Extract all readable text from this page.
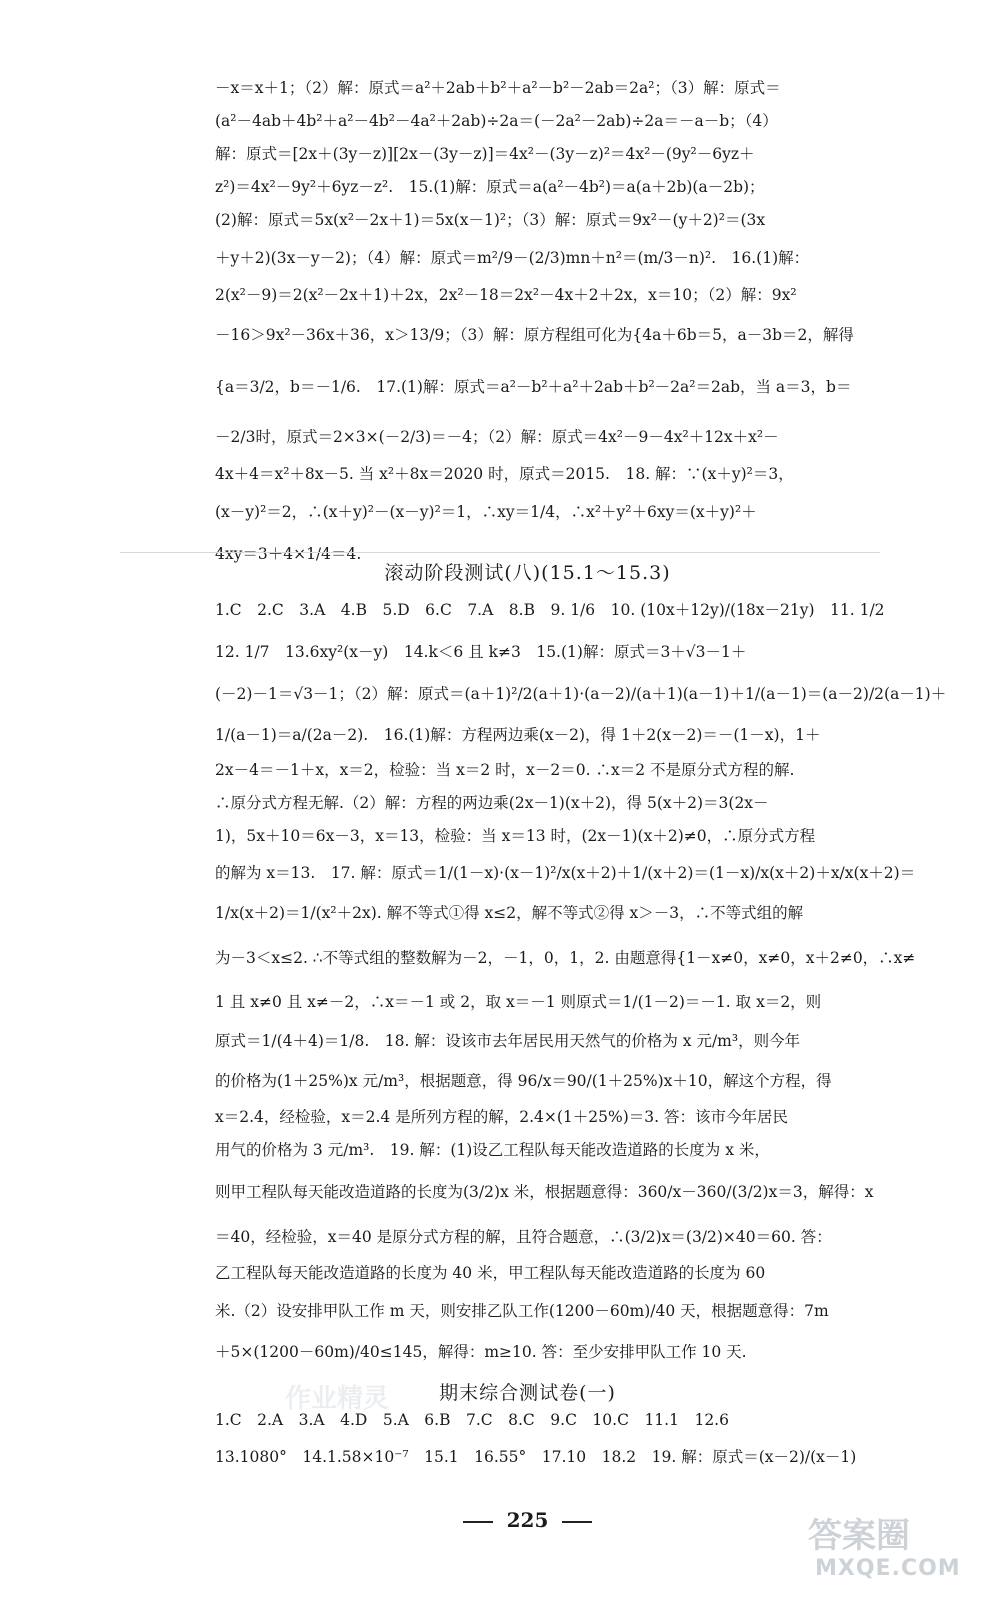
－x＝x＋1；（2）解：原式＝a²＋2ab＋b²＋a²－b²－2ab＝2a²；（3）解：原式＝
(a²－4ab＋4b²＋a²－4b²－4a²＋2ab)÷2a＝(－2a²－2ab)÷2a＝－a－b；（4）
解：原式＝[2x＋(3y－z)][2x－(3y－z)]＝4x²－(3y－z)²＝4x²－(9y²－6yz＋
z²)＝4x²－9y²＋6yz－z².　15.(1)解：原式＝a(a²－4b²)＝a(a＋2b)(a－2b)；
(2)解：原式＝5x(x²－2x＋1)＝5x(x－1)²；（3）解：原式＝9x²－(y＋2)²＝(3x
＋y＋2)(3x－y－2)；（4）解：原式＝m²/9－(2/3)mn＋n²＝(m/3－n)².　16.(1)解：
2(x²－9)＝2(x²－2x＋1)＋2x，2x²－18＝2x²－4x＋2＋2x，x＝10；（2）解：9x²
－16＞9x²－36x＋36，x＞13/9；（3）解：原方程组可化为{4a＋6b＝5，a－3b＝2，解得
{a＝3/2，b＝－1/6.　17.(1)解：原式＝a²－b²＋a²＋2ab＋b²－2a²＝2ab，当 a＝3，b＝
－2/3时，原式＝2×3×(－2/3)＝－4；（2）解：原式＝4x²－9－4x²＋12x＋x²－
4x＋4＝x²＋8x－5. 当 x²＋8x＝2020 时，原式＝2015.　18. 解：∵(x＋y)²＝3，
(x－y)²＝2，∴(x＋y)²－(x－y)²＝1，∴xy＝1/4，∴x²＋y²＋6xy＝(x＋y)²＋
4xy＝3＋4×1/4＝4.
滚动阶段测试(八)(15.1～15.3)
1.C　2.C　3.A　4.B　5.D　6.C　7.A　8.B　9. 1/6　10. (10x＋12y)/(18x－21y)　11. 1/2
12. 1/7　13.6xy²(x－y)　14.k＜6 且 k≠3　15.(1)解：原式＝3＋√3－1＋
(－2)－1＝√3－1；（2）解：原式＝(a＋1)²/2(a＋1)·(a－2)/(a＋1)(a－1)＋1/(a－1)＝(a－2)/2(a－1)＋
1/(a－1)＝a/(2a－2).　16.(1)解：方程两边乘(x－2)，得 1＋2(x－2)＝－(1－x)，1＋
2x－4＝－1＋x，x＝2，检验：当 x＝2 时，x－2＝0. ∴x＝2 不是原分式方程的解.
∴原分式方程无解.（2）解：方程的两边乘(2x－1)(x＋2)，得 5(x＋2)＝3(2x－
1)，5x＋10＝6x－3，x＝13，检验：当 x＝13 时，(2x－1)(x＋2)≠0，∴原分式方程
的解为 x＝13.　17. 解：原式＝1/(1－x)·(x－1)²/x(x＋2)＋1/(x＋2)＝(1－x)/x(x＋2)＋x/x(x＋2)＝
1/x(x＋2)＝1/(x²＋2x). 解不等式①得 x≤2，解不等式②得 x＞－3，∴不等式组的解
为－3＜x≤2. ∴不等式组的整数解为－2，－1，0，1，2. 由题意得{1－x≠0，x≠0，x＋2≠0，∴x≠
1 且 x≠0 且 x≠－2，∴x＝－1 或 2，取 x＝－1 则原式＝1/(1－2)＝－1. 取 x＝2，则
原式＝1/(4＋4)＝1/8.　18. 解：设该市去年居民用天然气的价格为 x 元/m³，则今年
的价格为(1＋25%)x 元/m³，根据题意，得 96/x＝90/(1＋25%)x＋10，解这个方程，得
x＝2.4，经检验，x＝2.4 是所列方程的解，2.4×(1＋25%)＝3. 答：该市今年居民
用气的价格为 3 元/m³.　19. 解：(1)设乙工程队每天能改造道路的长度为 x 米，
则甲工程队每天能改造道路的长度为(3/2)x 米，根据题意得：360/x－360/(3/2)x＝3，解得：x
＝40，经检验，x＝40 是原分式方程的解，且符合题意，∴(3/2)x＝(3/2)×40＝60. 答：
乙工程队每天能改造道路的长度为 40 米，甲工程队每天能改造道路的长度为 60
米.（2）设安排甲队工作 m 天，则安排乙队工作(1200－60m)/40 天，根据题意得：7m
＋5×(1200－60m)/40≤145，解得：m≥10. 答：至少安排甲队工作 10 天.
期末综合测试卷(一)
1.C　2.A　3.A　4.D　5.A　6.B　7.C　8.C　9.C　10.C　11.1　12.6
13.1080°　14.1.58×10⁻⁷　15.1　16.55°　17.10　18.2　19. 解：原式＝(x－2)/(x－1)
225
作业精灵
答案圈
MXQE.COM
